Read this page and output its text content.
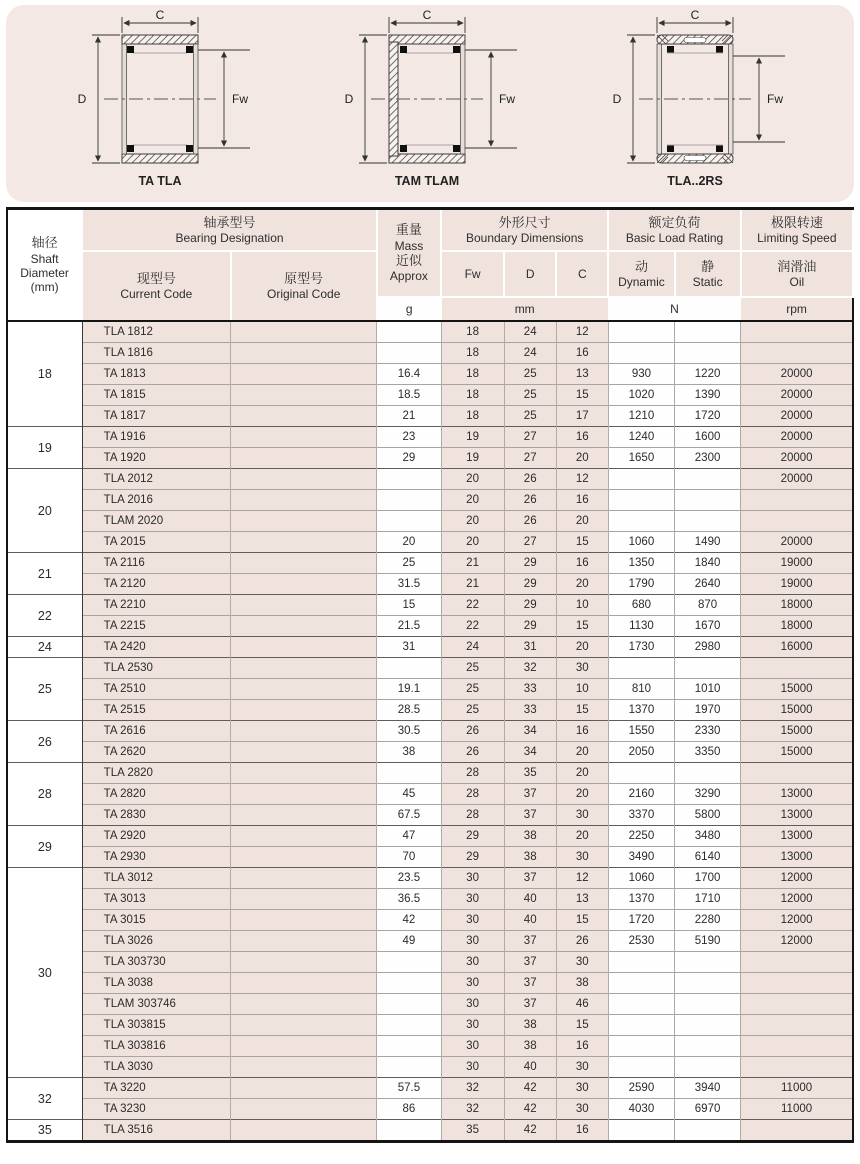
C
D	Fw
TA TLA
C
D	Fw
TAM TLAM
C
D	Fw
TLA..2RS
轴径
Shaft
Diameter
(mm)

轴承型号
Bearing Designation

重量
Mass
近似
Approx

外形尺寸
Boundary Dimensions

额定负荷
Basic Load Rating

极限转速
Limiting Speed

现型号
Current Code

原型号
Original Code

Fw	D	C

动
Dynamic

静
Static

润滑油
Oil

			g	mm			N		rpm
18	TLA 1812			18	24	12			
	TLA 1816			18	24	16			
	TA 1813		16.4	18	25	13	930	1220	20000
	TA 1815		18.5	18	25	15	1020	1390	20000
	TA 1817		21	18	25	17	1210	1720	20000
19	TA 1916		23	19	27	16	1240	1600	20000
	TA 1920		29	19	27	20	1650	2300	20000
20	TLA 2012			20	26	12			20000
	TLA 2016			20	26	16			
	TLAM 2020			20	26	20			
	TA 2015		20	20	27	15	1060	1490	20000
21	TA 2116		25	21	29	16	1350	1840	19000
	TA 2120		31.5	21	29	20	1790	2640	19000
22	TA 2210		15	22	29	10	680	870	18000
	TA 2215		21.5	22	29	15	1130	1670	18000
24	TA 2420		31	24	31	20	1730	2980	16000
25	TLA 2530			25	32	30			
	TA 2510		19.1	25	33	10	810	1010	15000
	TA 2515		28.5	25	33	15	1370	1970	15000
26	TA 2616		30.5	26	34	16	1550	2330	15000
	TA 2620		38	26	34	20	2050	3350	15000
28	TLA 2820			28	35	20			
	TA 2820		45	28	37	20	2160	3290	13000
	TA 2830		67.5	28	37	30	3370	5800	13000
29	TA 2920		47	29	38	20	2250	3480	13000
	TA 2930		70	29	38	30	3490	6140	13000
30	TLA 3012		23.5	30	37	12	1060	1700	12000
	TA 3013		36.5	30	40	13	1370	1710	12000
	TA 3015		42	30	40	15	1720	2280	12000
	TLA 3026		49	30	37	26	2530	5190	12000
	TLA 303730			30	37	30			
	TLA 3038			30	37	38			
	TLAM 303746			30	37	46			
	TLA 303815			30	38	15			
	TLA 303816			30	38	16			
	TLA 3030			30	40	30			
32	TA 3220		57.5	32	42	30	2590	3940	11000
	TA 3230		86	32	42	30	4030	6970	11000
35	TLA 3516			35	42	16			
